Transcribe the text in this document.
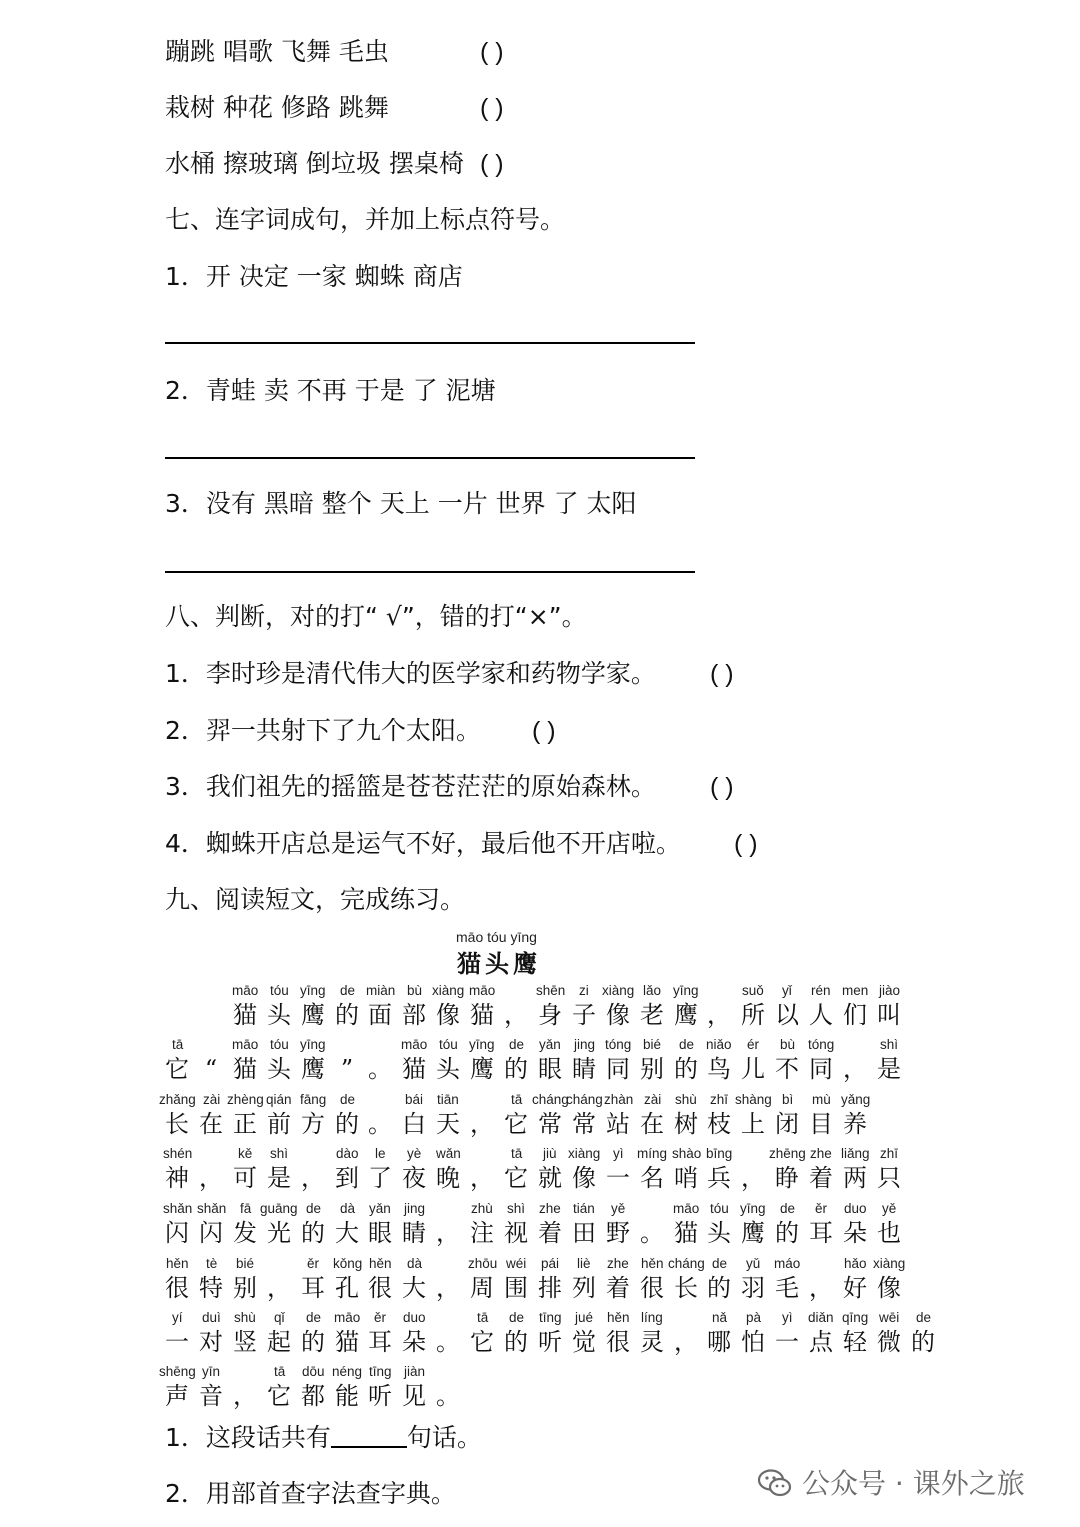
蹦跳 唱歌 飞舞 毛虫	( )
栽树 种花 修路 跳舞	( )
水桶 擦玻璃 倒垃圾 摆桌椅 ( )
七、连字词成句，并加上标点符号。
1．开 决定 一家 蜘蛛 商店
2．青蛙 卖 不再 于是 了 泥塘
3．没有 黑暗 整个 天上 一片 世界 了 太阳
八、判断，对的打“ √”，错的打“×”。
1．李时珍是清代伟大的医学家和药物学家。 ( )
2．羿一共射下了九个太阳。 ( )
3．我们祖先的摇篮是苍苍茫茫的原始森林。 ( )
4．蜘蛛开店总是运气不好，最后他不开店啦。 ( )
九、阅读短文，完成练习。
māo tóu yīng
猫头鹰
māo
猫
tóu
头
yīng
鹰
de
的
miàn
面
bù
部
xiàng
像
māo
猫 ，
shēn
身
zi
子
xiàng
像
lǎo
老
yīng
鹰 ，
suǒ
所
yǐ
以
rén
人
men
们
jiào
叫
tā
它 “
māo
猫
tóu
头
yīng
鹰 ” 。
māo
猫
tóu
头
yīng
鹰
de
的
yǎn
眼
jing
睛
tóng
同
bié
别
de
的
niǎo
鸟
ér
儿
bù
不
tóng
同 ，
shì
是
zhǎng
长
zài
在
zhèng
正
qián
前
fāng
方
de
的 。
bái
白
tiān
天 ，
tā
它
cháng
常
cháng
常
zhàn
站
zài
在
shù
树
zhī
枝
shàng
上
bì
闭
mù
目
yǎng
养
shén
神 ，
kě
可
shì
是 ，
dào
到
le
了
yè
夜
wǎn
晚 ，
tā
它
jiù
就
xiàng
像
yì
一
míng
名
shào
哨
bīng
兵 ，
zhēng
睁
zhe
着
liǎng
两
zhī
只
shǎn
闪
shǎn
闪
fā
发
guāng
光
de
的
dà
大
yǎn
眼
jing
睛 ，
zhù
注
shì
视
zhe
着
tián
田
yě
野 。
māo
猫
tóu
头
yīng
鹰
de
的
ěr
耳
duo
朵
yě
也
hěn
很
tè
特
bié
别 ，
ěr
耳
kǒng
孔
hěn
很
dà
大 ，
zhōu
周
wéi
围
pái
排
liè
列
zhe
着
hěn
很
cháng
长
de
的
yǔ
羽
máo
毛 ，
hǎo
好
xiàng
像
yí
一
duì
对
shù
竖
qǐ
起
de
的
māo
猫
ěr
耳
duo
朵 。
tā
它
de
的
tīng
听
jué
觉
hěn
很
líng
灵 ，
nǎ
哪
pà
怕
yì
一
diǎn
点
qīng
轻
wēi
微
de
的
shēng
声
yīn
音 ，
tā
它
dōu
都
néng
能
tīng
听
jiàn
见 。
1．这段话共有	句话。
2．用部首查字法查字典。	公众号 · 课外之旅
